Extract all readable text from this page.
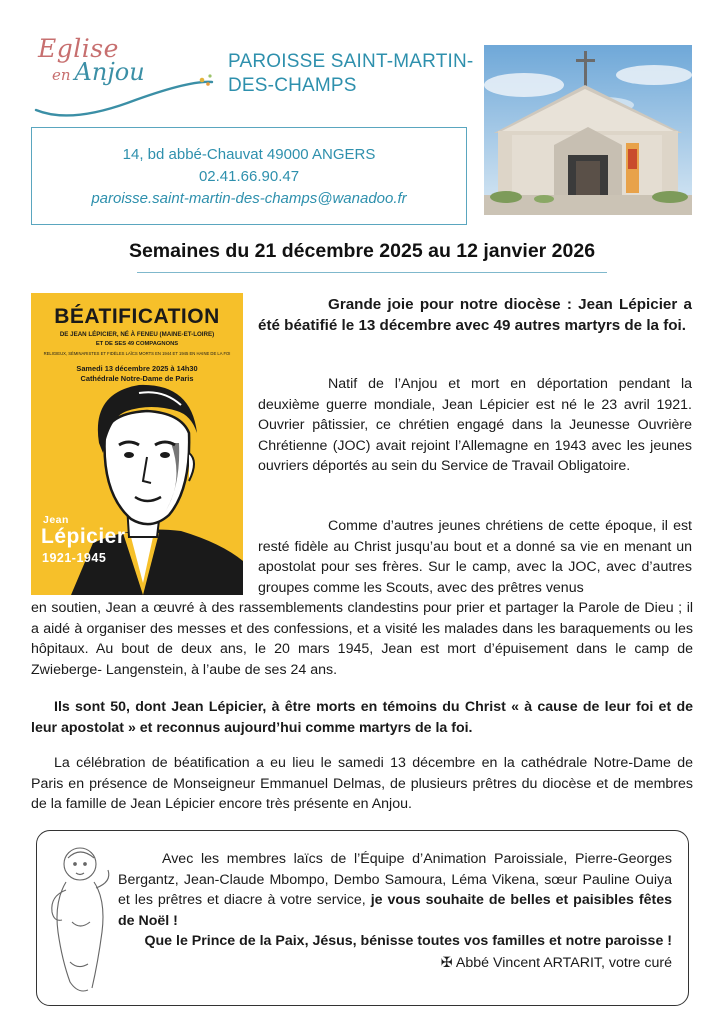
Eglise
en Anjou	PAROISSE SAINT-MARTIN-
DES-CHAMPS
14, bd abbé-Chauvat 49000 ANGERS
02.41.66.90.47
paroisse.saint-martin-des-champs@wanadoo.fr
Semaines du 21 décembre 2025 au 12 janvier 2026
BÉATIFICATION
DE JEAN LÉPICIER, NÉ À FENEU (MAINE-ET-LOIRE)
ET DE SES 49 COMPAGNONS
RELIGIEUX, SÉMINARISTES ET FIDÈLES LAÏCS MORTS EN 1944 ET 1945 EN HAINE DE LA FOI
Samedi 13 décembre 2025 à 14h30
Cathédrale Notre-Dame de Paris
Jean
Lépicier
1921-1945
Grande joie pour notre diocèse : Jean Lépicier a été béatifié le 13 décembre avec 49 autres martyrs de la foi.
Natif de l’Anjou et mort en déportation pendant la deuxième guerre mondiale, Jean Lépicier est né le 23 avril 1921. Ouvrier pâtissier, ce chrétien engagé dans la Jeunesse Ouvrière Chrétienne (JOC) avait rejoint l’Allemagne en 1943 avec les jeunes ouvriers déportés au sein du Service de Travail Obligatoire.
Comme d’autres jeunes chrétiens de cette époque, il est resté fidèle au Christ jusqu’au bout et a donné sa vie en menant un apostolat pour ses frères. Sur le camp, avec la JOC, avec d’autres groupes comme les Scouts, avec des prêtres venus
en soutien, Jean a œuvré à des rassemblements clandestins pour prier et partager la Parole de Dieu ; il a aidé à organiser des messes et des confessions, et a visité les malades dans les baraquements ou les hôpitaux. Au bout de deux ans, le 20 mars 1945, Jean est mort d’épuisement dans le camp de Zwieberge- Langenstein, à l’aube de ses 24 ans.
Ils sont 50, dont Jean Lépicier, à être morts en témoins du Christ « à cause de leur foi et de leur apostolat » et reconnus aujourd’hui comme martyrs de la foi.
La célébration de béatification a eu lieu le samedi 13 décembre en la cathédrale Notre-Dame de Paris en présence de Monseigneur Emmanuel Delmas, de plusieurs prêtres du diocèse et de membres de la famille de Jean Lépicier encore très présente en Anjou.
Avec les membres laïcs de l’Équipe d’Animation Paroissiale, Pierre-Georges Bergantz, Jean-Claude Mbompo, Dembo Samoura, Léma Vikena, sœur Pauline Ouiya et les prêtres et diacre à votre service, je vous souhaite de belles et paisibles fêtes de Noël !
Que le Prince de la Paix, Jésus, bénisse toutes vos familles et notre paroisse !
✠ Abbé Vincent ARTARIT, votre curé
